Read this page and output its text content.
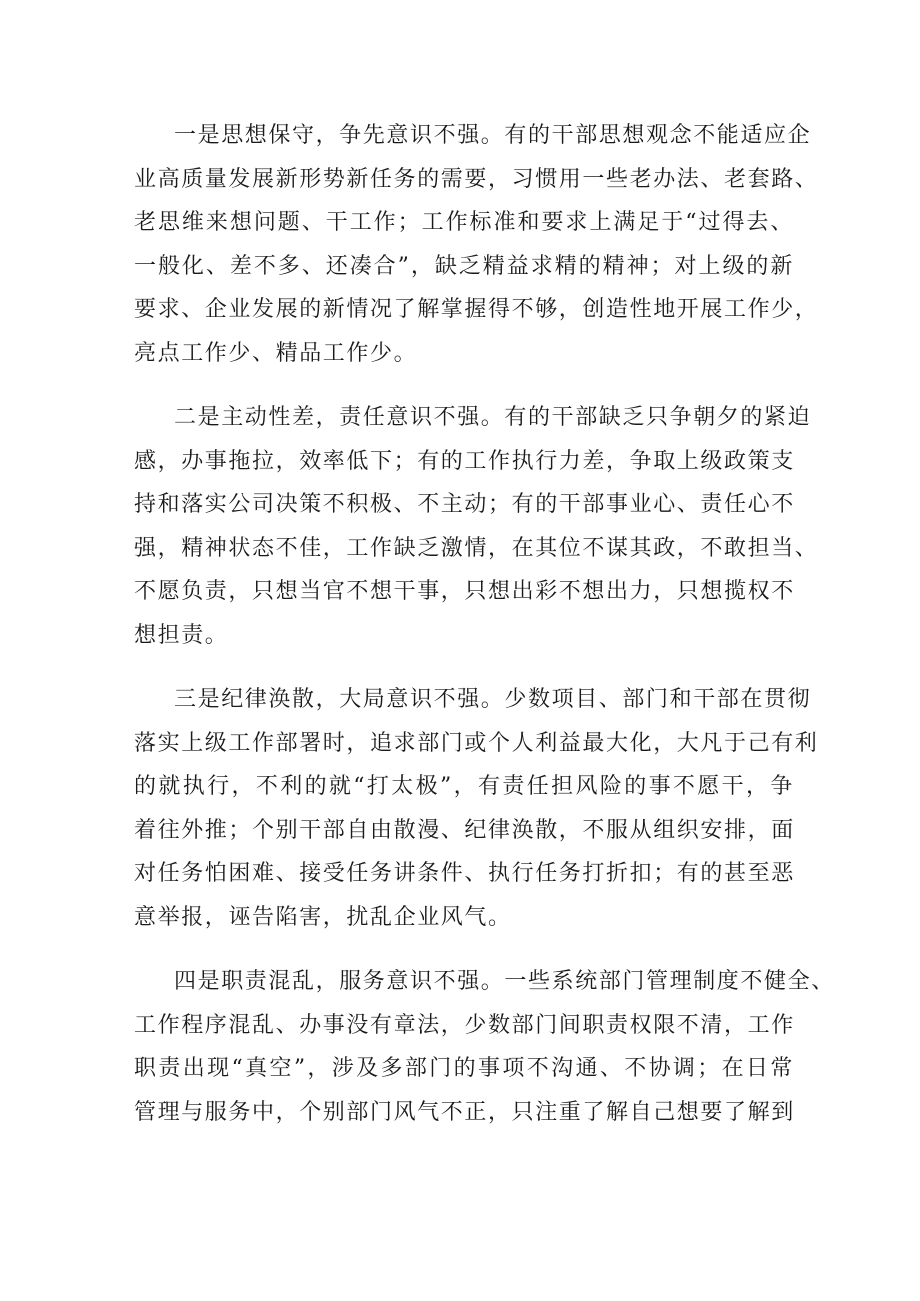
一是思想保守，争先意识不强。有的干部思想观念不能适应企
业高质量发展新形势新任务的需要，习惯用一些老办法、老套路、
老思维来想问题、干工作；工作标准和要求上满足于“过得去、
一般化、差不多、还凑合”，缺乏精益求精的精神；对上级的新
要求、企业发展的新情况了解掌握得不够，创造性地开展工作少，
亮点工作少、精品工作少。
二是主动性差，责任意识不强。有的干部缺乏只争朝夕的紧迫
感，办事拖拉，效率低下；有的工作执行力差，争取上级政策支
持和落实公司决策不积极、不主动；有的干部事业心、责任心不
强，精神状态不佳，工作缺乏激情，在其位不谋其政，不敢担当、
不愿负责，只想当官不想干事，只想出彩不想出力，只想揽权不
想担责。
三是纪律涣散，大局意识不强。少数项目、部门和干部在贯彻
落实上级工作部署时，追求部门或个人利益最大化，大凡于己有利
的就执行，不利的就“打太极”，有责任担风险的事不愿干，争
着往外推；个别干部自由散漫、纪律涣散，不服从组织安排，面
对任务怕困难、接受任务讲条件、执行任务打折扣；有的甚至恶
意举报，诬告陷害，扰乱企业风气。
四是职责混乱，服务意识不强。一些系统部门管理制度不健全、
工作程序混乱、办事没有章法，少数部门间职责权限不清，工作
职责出现“真空”，涉及多部门的事项不沟通、不协调；在日常
管理与服务中，个别部门风气不正，只注重了解自己想要了解到
